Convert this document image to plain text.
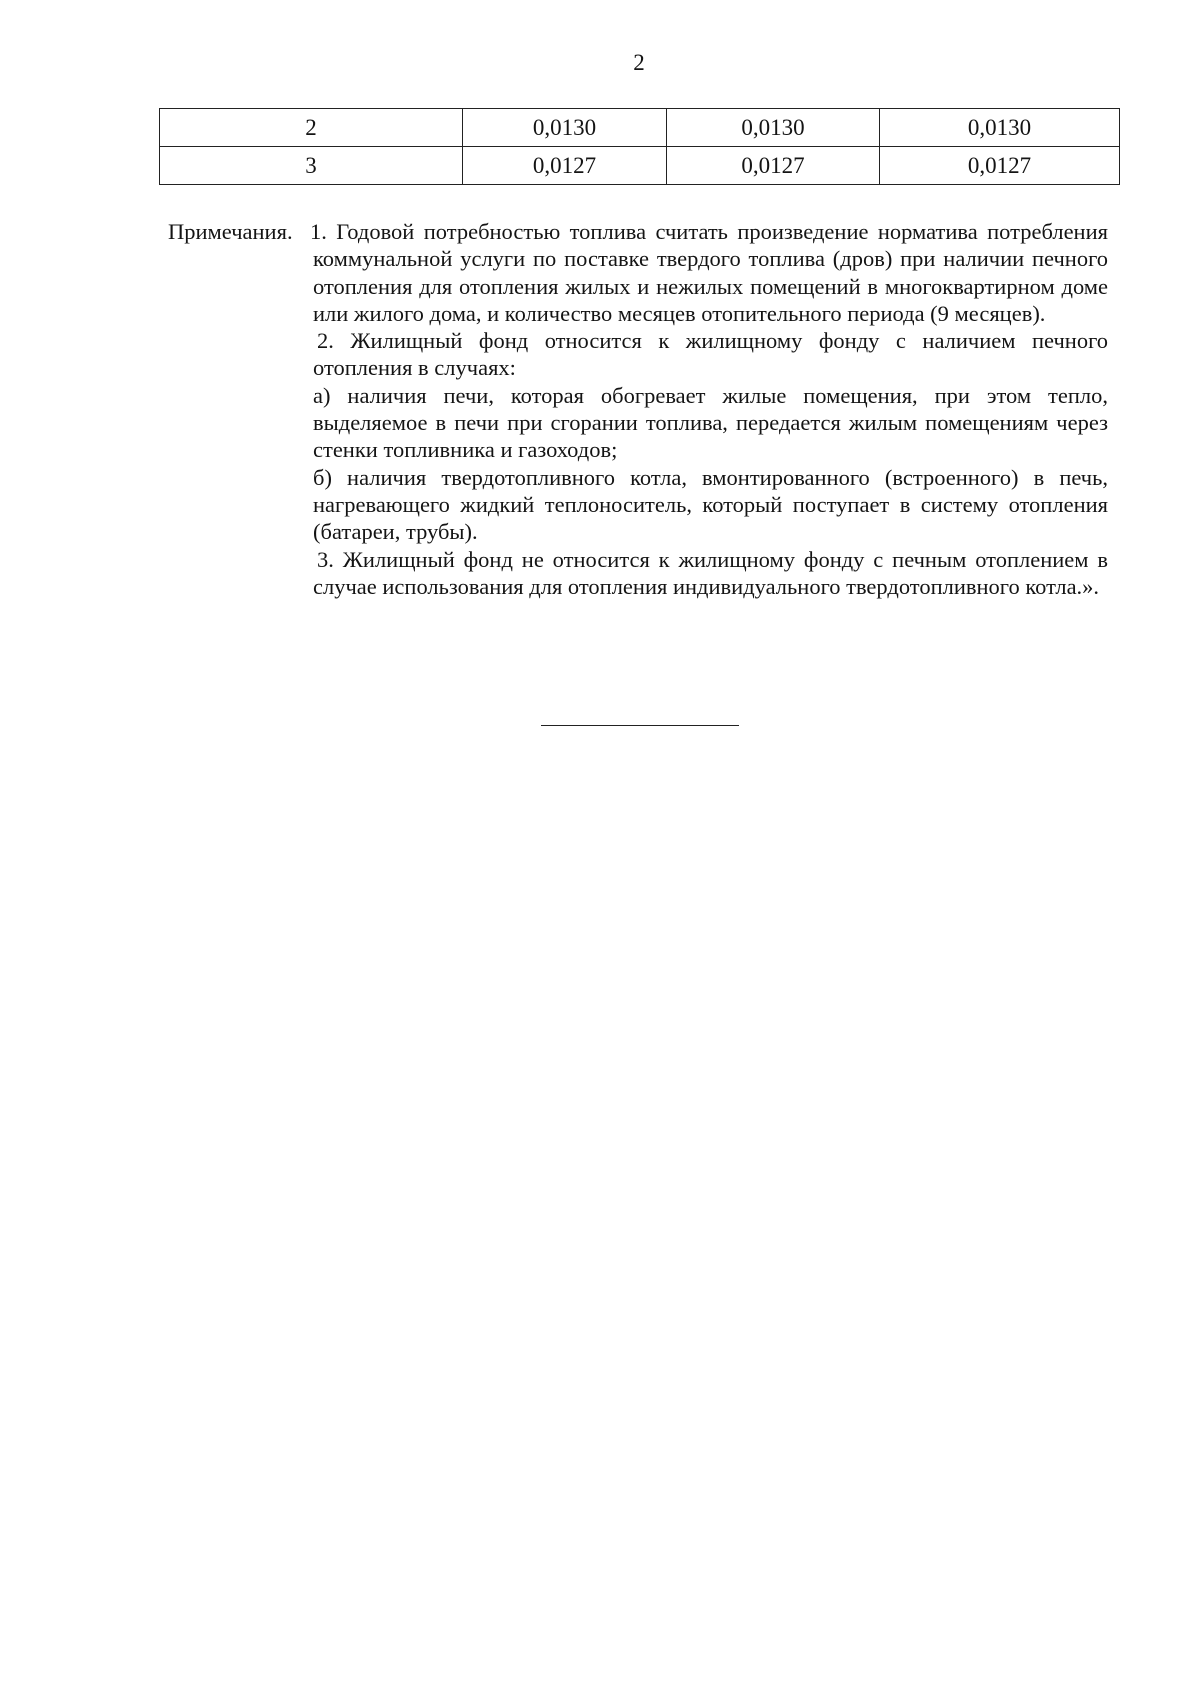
2
2	0,0130	0,0130	0,0130
3	0,0127	0,0127	0,0127
Примечания. 1. Годовой потребностью топлива считать произведение норматива потребления коммунальной услуги по поставке твердого топлива (дров) при наличии печного отопления для отопления жилых и нежилых помещений в многоквартирном доме или жилого дома, и количество месяцев отопительного периода (9 месяцев).

2. Жилищный фонд относится к жилищному фонду с наличием печного отопления в случаях:

а) наличия печи, которая обогревает жилые помещения, при этом тепло, выделяемое в печи при сгорании топлива, передается жилым помещениям через стенки топливника и газоходов;

б) наличия твердотопливного котла, вмонтированного (встроенного) в печь, нагревающего жидкий теплоноситель, который поступает в систему отопления (батареи, трубы).

3. Жилищный фонд не относится к жилищному фонду с печным отоплением в случае использования для отопления индивидуального твердотопливного котла.».
